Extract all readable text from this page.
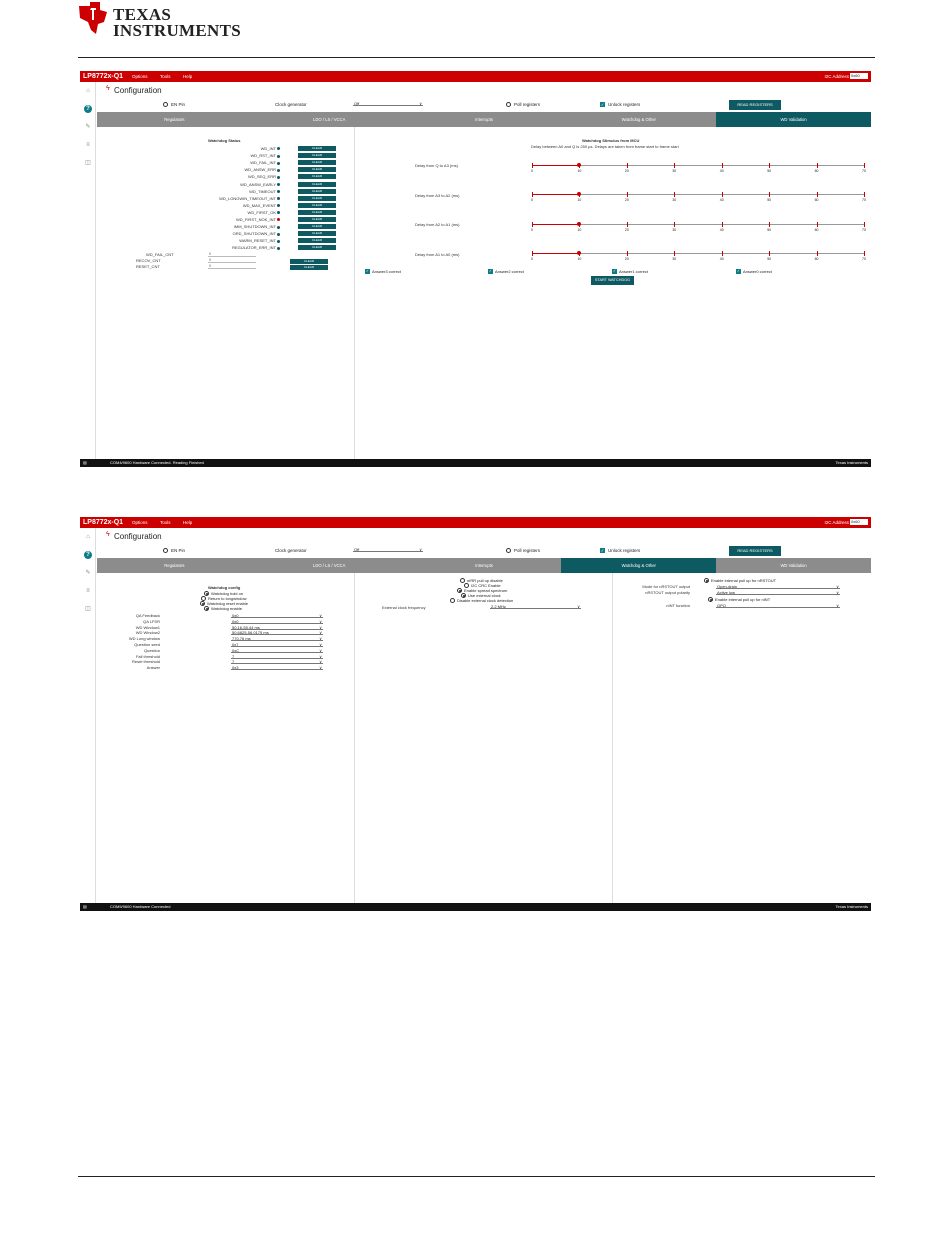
TEXAS
INSTRUMENTS
LP8772x-Q1 Options	Tools	Help	I2C Address 0x60
⌂
?
✎
≡
◫
ϟ Configuration
EN Pin	Clock generator	Off ∨	Poll registers	✓ Unlock registers	READ REGISTERS
Regulators	LDO / LS / VCCA	Interrupts	Watchdog & Other	WD Validation
Watchdog Status
WD_INT	CLEAR
WD_RST_INT	CLEAR
WD_FAIL_INT	CLEAR
WD_ANSW_ERR	CLEAR
WD_SEQ_ERR	CLEAR
WD_ANSW_EARLY	CLEAR
WD_TIMEOUT	CLEAR
WD_LONGWIN_TIMEOUT_INT	CLEAR
WD_MAX_EVENT	CLEAR
WD_FIRST_OK	CLEAR
WD_FIRST_NOK_INT	CLEAR
IMM_SHUTDOWN_INT	CLEAR
ORD_SHUTDOWN_INT	CLEAR
WARM_RESET_INT	CLEAR
REGULATOR_ERR_INT	CLEAR
WD_FAIL_CNT	0
RECOV_CNT	0	CLEAR
RESET_CNT	0	CLEAR
Watchdog Stimulus from MCU
Delay between A0 and Q is 250 µs. Delays are taken from frame start to frame start
Delay from Q to A3 (ms)
0	10	20	30	40	50	60	70
Delay from A3 to A2 (ms)
0	10	20	30	40	50	60	70
Delay from A2 to A1 (ms)
0	10	20	30	40	50	60	70
Delay from A1 to A0 (ms)
0	10	20	30	40	50	60	70
✓ Answer3 correct	✓ Answer2 correct	✓ Answer1 correct	✓ Answer0 correct
START WATCHDOG
▤	COM4/9600 Hardware Connected. Reading Finished	Texas Instruments
LP8772x-Q1 Options	Tools	Help	I2C Address 0x60
⌂
?
✎
≡
◫
ϟ Configuration
EN Pin	Clock generator	Off ∨	Poll registers	✓ Unlock registers	READ REGISTERS
Regulators	LDO / LS / VCCA	Interrupts	Watchdog & Other	WD Validation
Watchdog config
Watchdog hold on
Return to longwindow
Watchdog reset enable
Watchdog enable
QA Feedback	0x0 ∨
QA LFSR	0x0 ∨
WD Window1	50.16-55.44 ms ∨
WD Window2	50.6825-56.0175 ms ∨
WD Long window	770.76 ms ∨
Question seed	0x7 ∨
Question	0xC ∨
Fail threshold	7 ∨
Reset threshold	7 ∨
Answer	0x3 ∨
nIRR pull up disable
I2C CRC Enable
Enable spread spectrum
Use external clock
Disable external clock detection
External clock frequency	2.2 MHz ∨
Enable internal pull up for nRSTOUT
Mode for nRSTOUT output	Open-drain ∨
nRSTOUT output polarity	Active low ∨
Enable internal pull up for nINT
nINT function	GPO ∨
▤	COM5/9600 Hardware Connected	Texas Instruments
